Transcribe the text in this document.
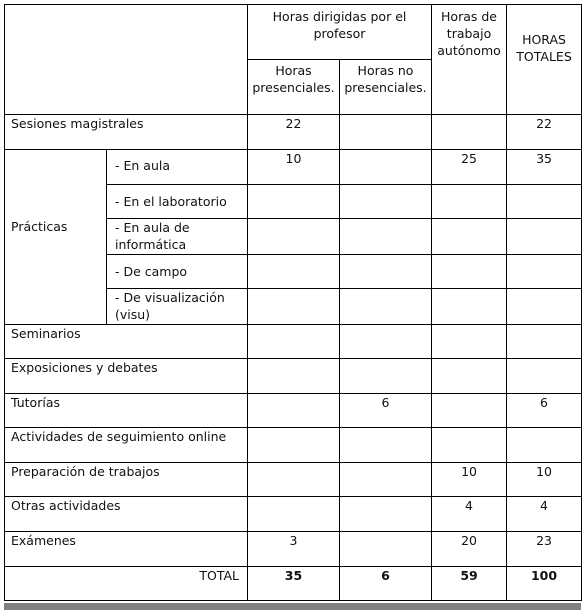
		Horas dirigidas por el profesor		Horas de trabajo autónomo	HORAS TOTALES
		Horas presenciales.	Horas no presenciales.		
Sesiones magistrales		22			22
Prácticas	- En aula	10		25	35
	- En el laboratorio				
	- En aula de informática				
	- De campo				
	- De visualización (visu)				
Seminarios					
Exposiciones y debates					
Tutorías			6		6
Actividades de seguimiento online					
Preparación de trabajos				10	10
Otras actividades				4	4
Exámenes		3		20	23
TOTAL		35	6	59	100
